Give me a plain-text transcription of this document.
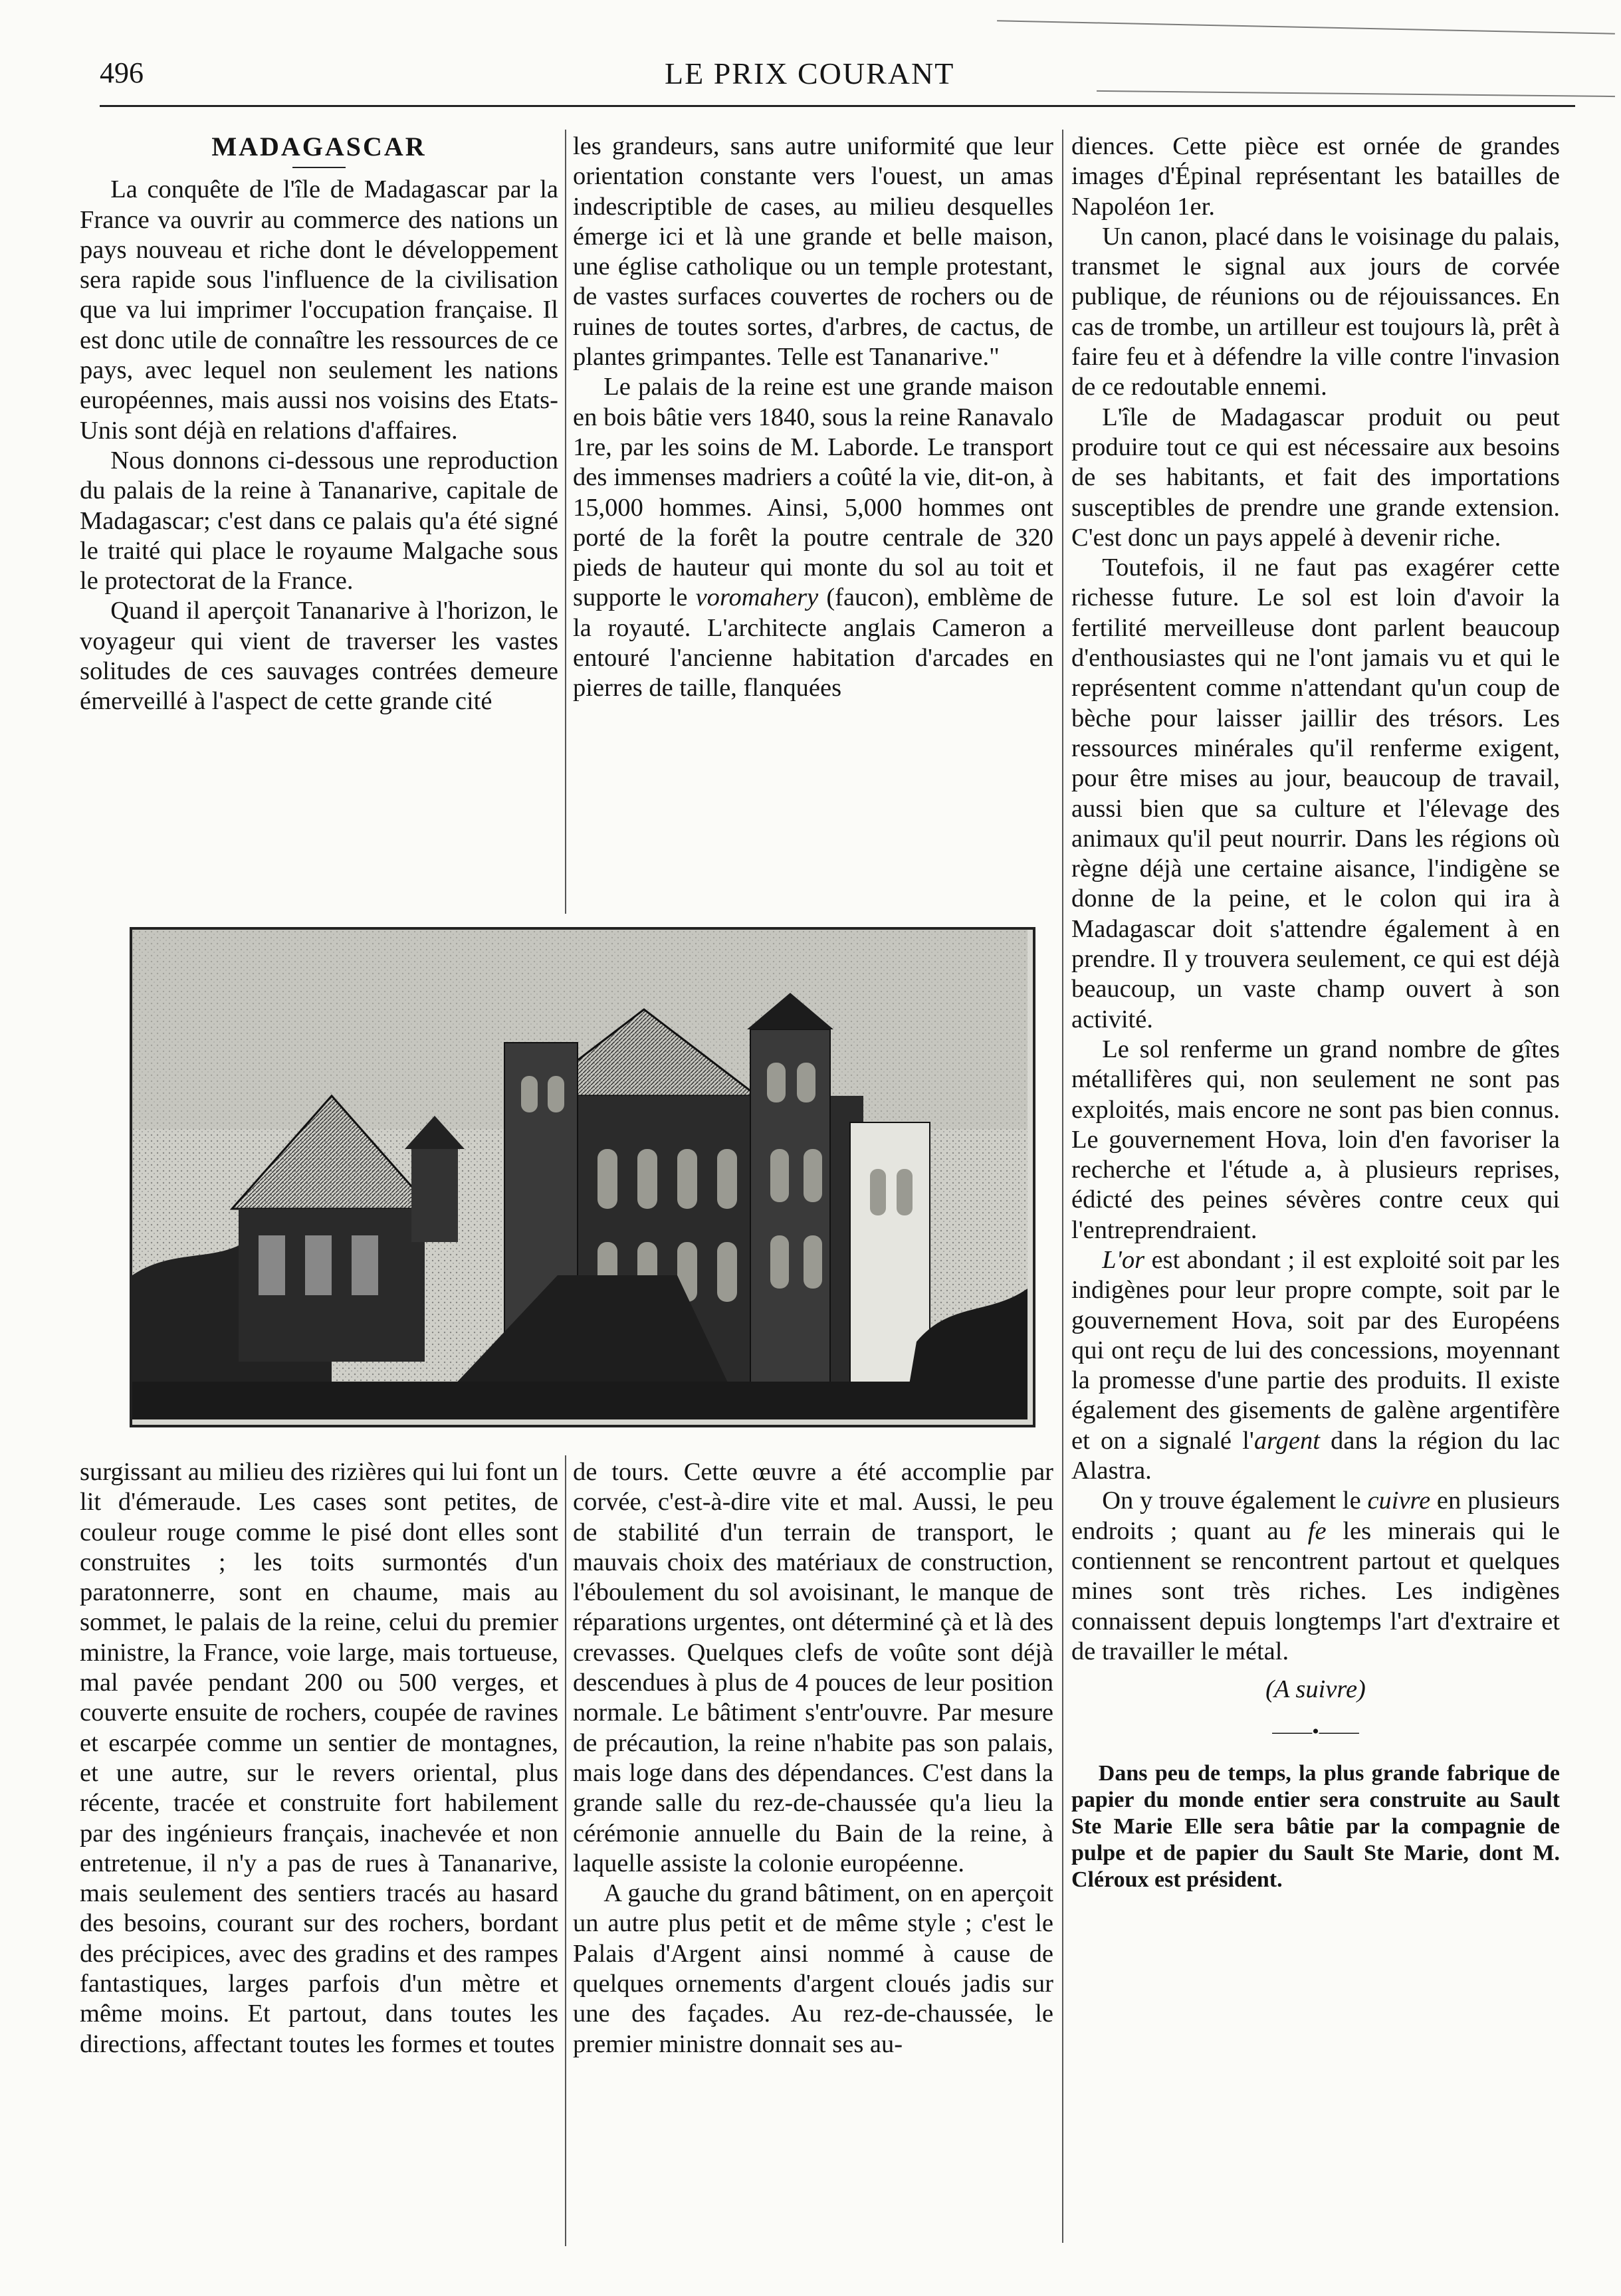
496	LE PRIX COURANT
MADAGASCAR

La conquête de l'île de Madagascar par la France va ouvrir au commerce des nations un pays nouveau et riche dont le développement sera rapide sous l'influence de la civilisation que va lui imprimer l'occupation française. Il est donc utile de connaître les ressources de ce pays, avec lequel non seulement les nations européennes, mais aussi nos voisins des Etats-Unis sont déjà en relations d'affaires.

Nous donnons ci-dessous une reproduction du palais de la reine à Tananarive, capitale de Madagascar; c'est dans ce palais qu'a été signé le traité qui place le royaume Malgache sous le protectorat de la France.

Quand il aperçoit Tananarive à l'horizon, le voyageur qui vient de traverser les vastes solitudes de ces sauvages contrées demeure émerveillé à l'aspect de cette grande cité

les grandeurs, sans autre uniformité que leur orientation constante vers l'ouest, un amas indescriptible de cases, au milieu desquelles émerge ici et là une grande et belle maison, une église catholique ou un temple protestant, de vastes surfaces couvertes de rochers ou de ruines de toutes sortes, d'arbres, de cactus, de plantes grimpantes. Telle est Tananarive."

Le palais de la reine est une grande maison en bois bâtie vers 1840, sous la reine Ranavalo 1re, par les soins de M. Laborde. Le transport des immenses madriers a coûté la vie, dit-on, à 15,000 hommes. Ainsi, 5,000 hommes ont porté de la forêt la poutre centrale de 320 pieds de hauteur qui monte du sol au toit et supporte le voromahery (faucon), emblème de la royauté. L'architecte anglais Cameron a entouré l'ancienne habitation d'arcades en pierres de taille, flanquées

surgissant au milieu des rizières qui lui font un lit d'émeraude. Les cases sont petites, de couleur rouge comme le pisé dont elles sont construites ; les toits surmontés d'un paratonnerre, sont en chaume, mais au sommet, le palais de la reine, celui du premier ministre, la France, voie large, mais tortueuse, mal pavée pendant 200 ou 500 verges, et couverte ensuite de rochers, coupée de ravines et escarpée comme un sentier de montagnes, et une autre, sur le revers oriental, plus récente, tracée et construite fort habilement par des ingénieurs français, inachevée et non entretenue, il n'y a pas de rues à Tananarive, mais seulement des sentiers tracés au hasard des besoins, courant sur des rochers, bordant des précipices, avec des gradins et des rampes fantastiques, larges parfois d'un mètre et même moins. Et partout, dans toutes les directions, affectant toutes les formes et toutes

de tours. Cette œuvre a été accomplie par corvée, c'est-à-dire vite et mal. Aussi, le peu de stabilité d'un terrain de transport, le mauvais choix des matériaux de construction, l'éboulement du sol avoisinant, le manque de réparations urgentes, ont déterminé çà et là des crevasses. Quelques clefs de voûte sont déjà descendues à plus de 4 pouces de leur position normale. Le bâtiment s'entr'ouvre. Par mesure de précaution, la reine n'habite pas son palais, mais loge dans des dépendances. C'est dans la grande salle du rez-de-chaussée qu'a lieu la cérémonie annuelle du Bain de la reine, à laquelle assiste la colonie européenne.

A gauche du grand bâtiment, on en aperçoit un autre plus petit et de même style ; c'est le Palais d'Argent ainsi nommé à cause de quelques ornements d'argent cloués jadis sur une des façades. Au rez-de-chaussée, le premier ministre donnait ses au-

diences. Cette pièce est ornée de grandes images d'Épinal représentant les batailles de Napoléon 1er.

Un canon, placé dans le voisinage du palais, transmet le signal aux jours de corvée publique, de réunions ou de réjouissances. En cas de trombe, un artilleur est toujours là, prêt à faire feu et à défendre la ville contre l'invasion de ce redoutable ennemi.

L'île de Madagascar produit ou peut produire tout ce qui est nécessaire aux besoins de ses habitants, et fait des importations susceptibles de prendre une grande extension. C'est donc un pays appelé à devenir riche.

Toutefois, il ne faut pas exagérer cette richesse future. Le sol est loin d'avoir la fertilité merveilleuse dont parlent beaucoup d'enthousiastes qui ne l'ont jamais vu et qui le représentent comme n'attendant qu'un coup de bèche pour laisser jaillir des trésors. Les ressources minérales qu'il renferme exigent, pour être mises au jour, beaucoup de travail, aussi bien que sa culture et l'élevage des animaux qu'il peut nourrir. Dans les régions où règne déjà une certaine aisance, l'indigène se donne de la peine, et le colon qui ira à Madagascar doit s'attendre également à en prendre. Il y trouvera seulement, ce qui est déjà beaucoup, un vaste champ ouvert à son activité.

Le sol renferme un grand nombre de gîtes métallifères qui, non seulement ne sont pas exploités, mais encore ne sont pas bien connus. Le gouvernement Hova, loin d'en favoriser la recherche et l'étude a, à plusieurs reprises, édicté des peines sévères contre ceux qui l'entreprendraient.

L'or est abondant ; il est exploité soit par les indigènes pour leur propre compte, soit par le gouvernement Hova, soit par des Européens qui ont reçu de lui des concessions, moyennant la promesse d'une partie des produits. Il existe également des gisements de galène argentifère et on a signalé l'argent dans la région du lac Alastra.

On y trouve également le cuivre en plusieurs endroits ; quant au fe les minerais qui le contiennent se rencontrent partout et quelques mines sont très riches. Les indigènes connaissent depuis longtemps l'art d'extraire et de travailler le métal.

(A suivre)
——•——

Dans peu de temps, la plus grande fabrique de papier du monde entier sera construite au Sault Ste Marie Elle sera bâtie par la compagnie de pulpe et de papier du Sault Ste Marie, dont M. Cléroux est président.
